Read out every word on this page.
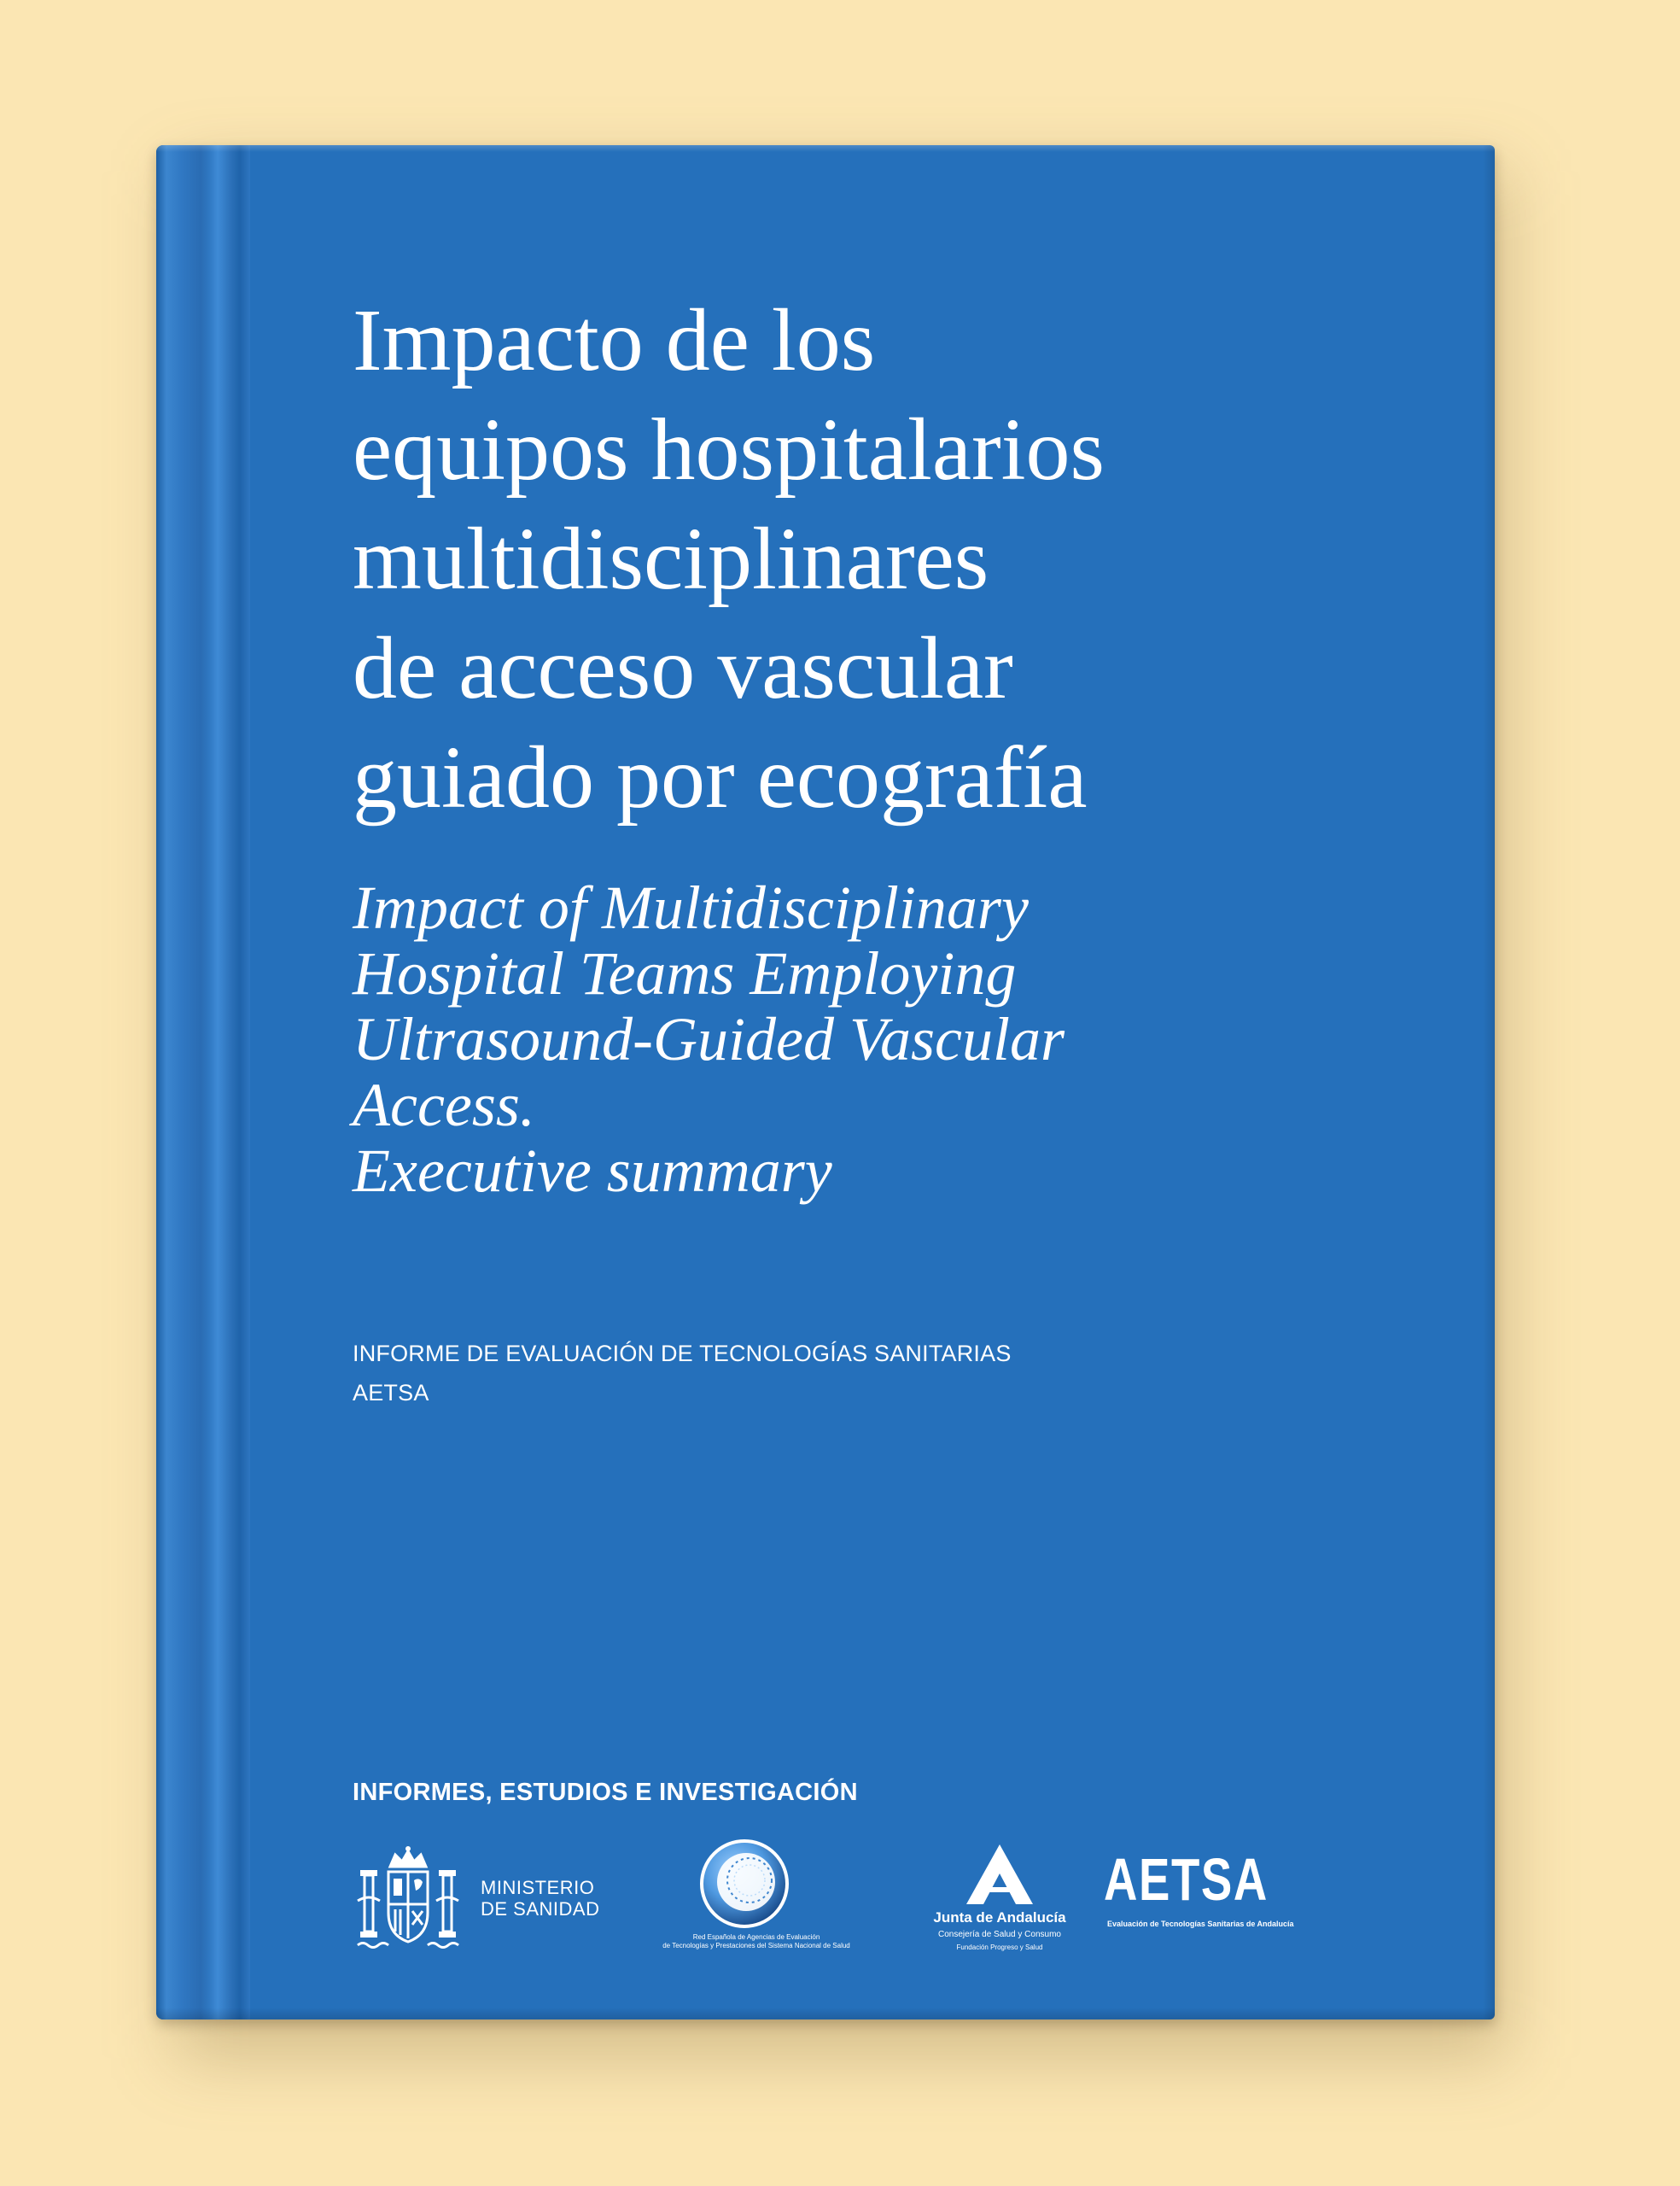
Impacto de los
equipos hospitalarios
multidisciplinares
de acceso vascular
guiado por ecografía
Impact of Multidisciplinary
Hospital Teams Employing
Ultrasound-Guided Vascular
Access.
Executive summary
INFORME DE EVALUACIÓN DE TECNOLOGÍAS SANITARIAS
AETSA
INFORMES, ESTUDIOS E INVESTIGACIÓN
MINISTERIO
DE SANIDAD
Red Española de Agencias de Evaluación
de Tecnologías y Prestaciones del Sistema Nacional de Salud
Junta de Andalucía
Consejería de Salud y Consumo
Fundación Progreso y Salud
AETSA
Evaluación de Tecnologías Sanitarias de Andalucía
